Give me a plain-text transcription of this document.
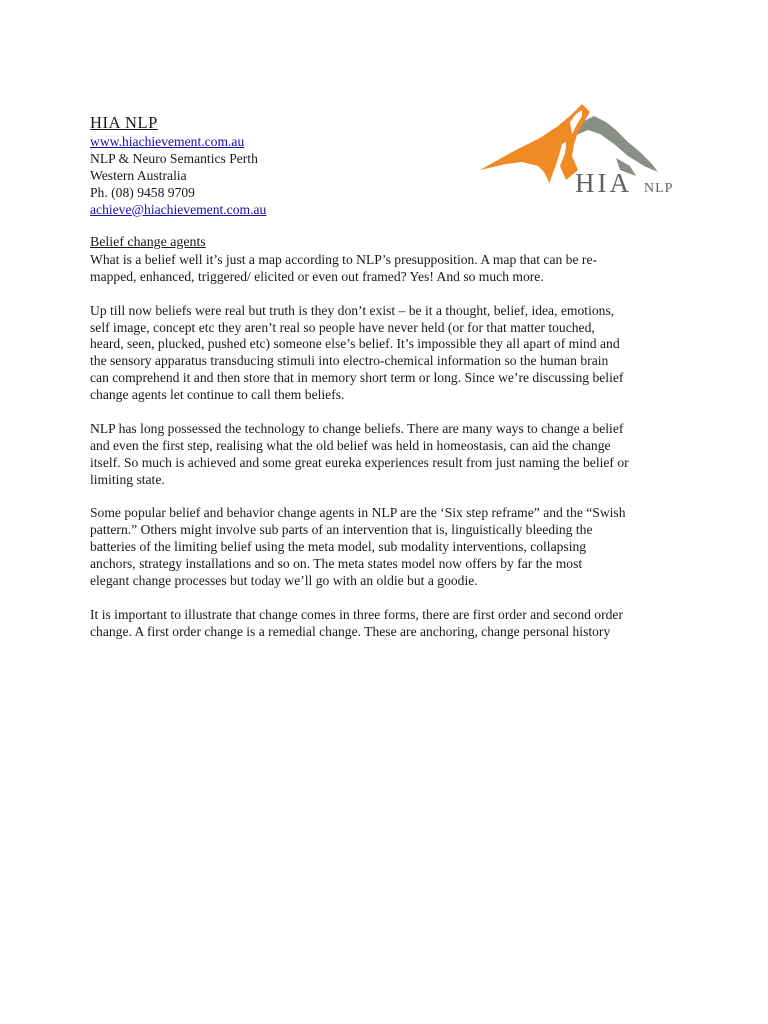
HIA NLP
www.hiachievement.com.au
NLP & Neuro Semantics Perth
Western Australia
Ph. (08) 9458 9709
achieve@hiachievement.com.au
HIA NLP
Belief change agents
What is a belief well it’s just a map according to NLP’s presupposition. A map that can be re-
mapped, enhanced, triggered/ elicited or even out framed? Yes! And so much more.
Up till now beliefs were real but truth is they don’t exist – be it a thought, belief, idea, emotions,
self image, concept etc they aren’t real so people have never held (or for that matter touched,
heard, seen, plucked, pushed etc) someone else’s belief. It’s impossible they all apart of mind and
the sensory apparatus transducing stimuli into electro-chemical information so the human brain
can comprehend it and then store that in memory short term or long. Since we’re discussing belief
change agents let continue to call them beliefs.
NLP has long possessed the technology to change beliefs. There are many ways to change a belief
and even the first step, realising what the old belief was held in homeostasis, can aid the change
itself. So much is achieved and some great eureka experiences result from just naming the belief or
limiting state.
Some popular belief and behavior change agents in NLP are the ‘Six step reframe” and the “Swish
pattern.” Others might involve sub parts of an intervention that is, linguistically bleeding the
batteries of the limiting belief using the meta model, sub modality interventions, collapsing
anchors, strategy installations and so on. The meta states model now offers by far the most
elegant change processes but today we’ll go with an oldie but a goodie.
It is important to illustrate that change comes in three forms, there are first order and second order
change. A first order change is a remedial change. These are anchoring, change personal history
